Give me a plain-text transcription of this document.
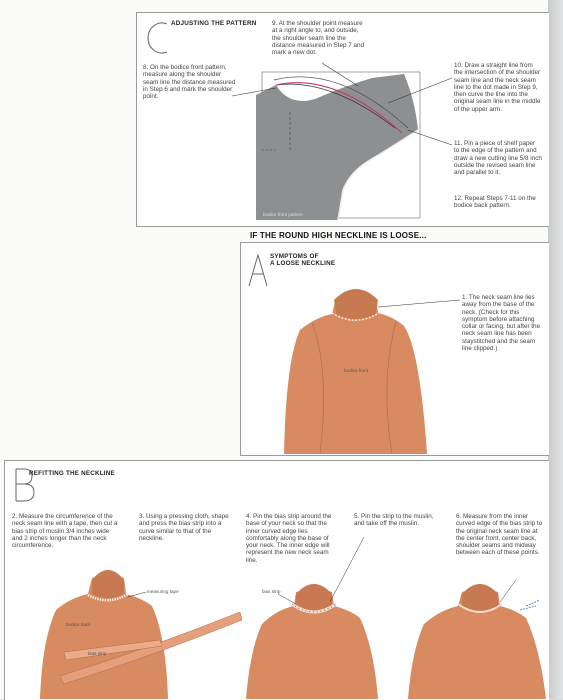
ADJUSTING THE PATTERN
8. On the bodice front pattern, measure along the shoulder seam line the distance measured in Step 6 and mark the shoulder point.
9. At the shoulder point measure at a right angle to, and outside, the shoulder seam line the distance measured in Step 7 and mark a new dot.
10. Draw a straight line from the intersection of the shoulder seam line and the neck seam line to the dot made in Step 9, then curve the line into the original seam line in the middle of the upper arm.
11. Pin a piece of shelf paper to the edge of the pattern and draw a new cutting line 5/8 inch outside the revised seam line and parallel to it.
12. Repeat Steps 7-11 on the bodice back pattern.
bodice front pattern
IF THE ROUND HIGH NECKLINE IS LOOSE...
SYMPTOMS OF
A LOOSE NECKLINE
1. The neck seam line lies away from the base of the neck. (Check for this symptom before attaching collar or facing, but after the neck seam line has been staystitched and the seam line clipped.)
bodice front
REFITTING THE NECKLINE
2. Measure the circumference of the neck seam line with a tape, then cut a bias strip of muslin 3/4 inches wide and 2 inches longer than the neck circumference.
3. Using a pressing cloth, shape and press the bias strip into a curve similar to that of the neckline.
4. Pin the bias strip around the base of your neck so that the inner curved edge lies comfortably along the base of your neck. The inner edge will represent the new neck seam line.
5. Pin the strip to the muslin, and take off the muslin.
6. Measure from the inner curved edge of the bias strip to the original neck seam line at the center front, center back, shoulder seams and midway between each of these points.
measuring tape
bodice back
bias strip
bias strip
